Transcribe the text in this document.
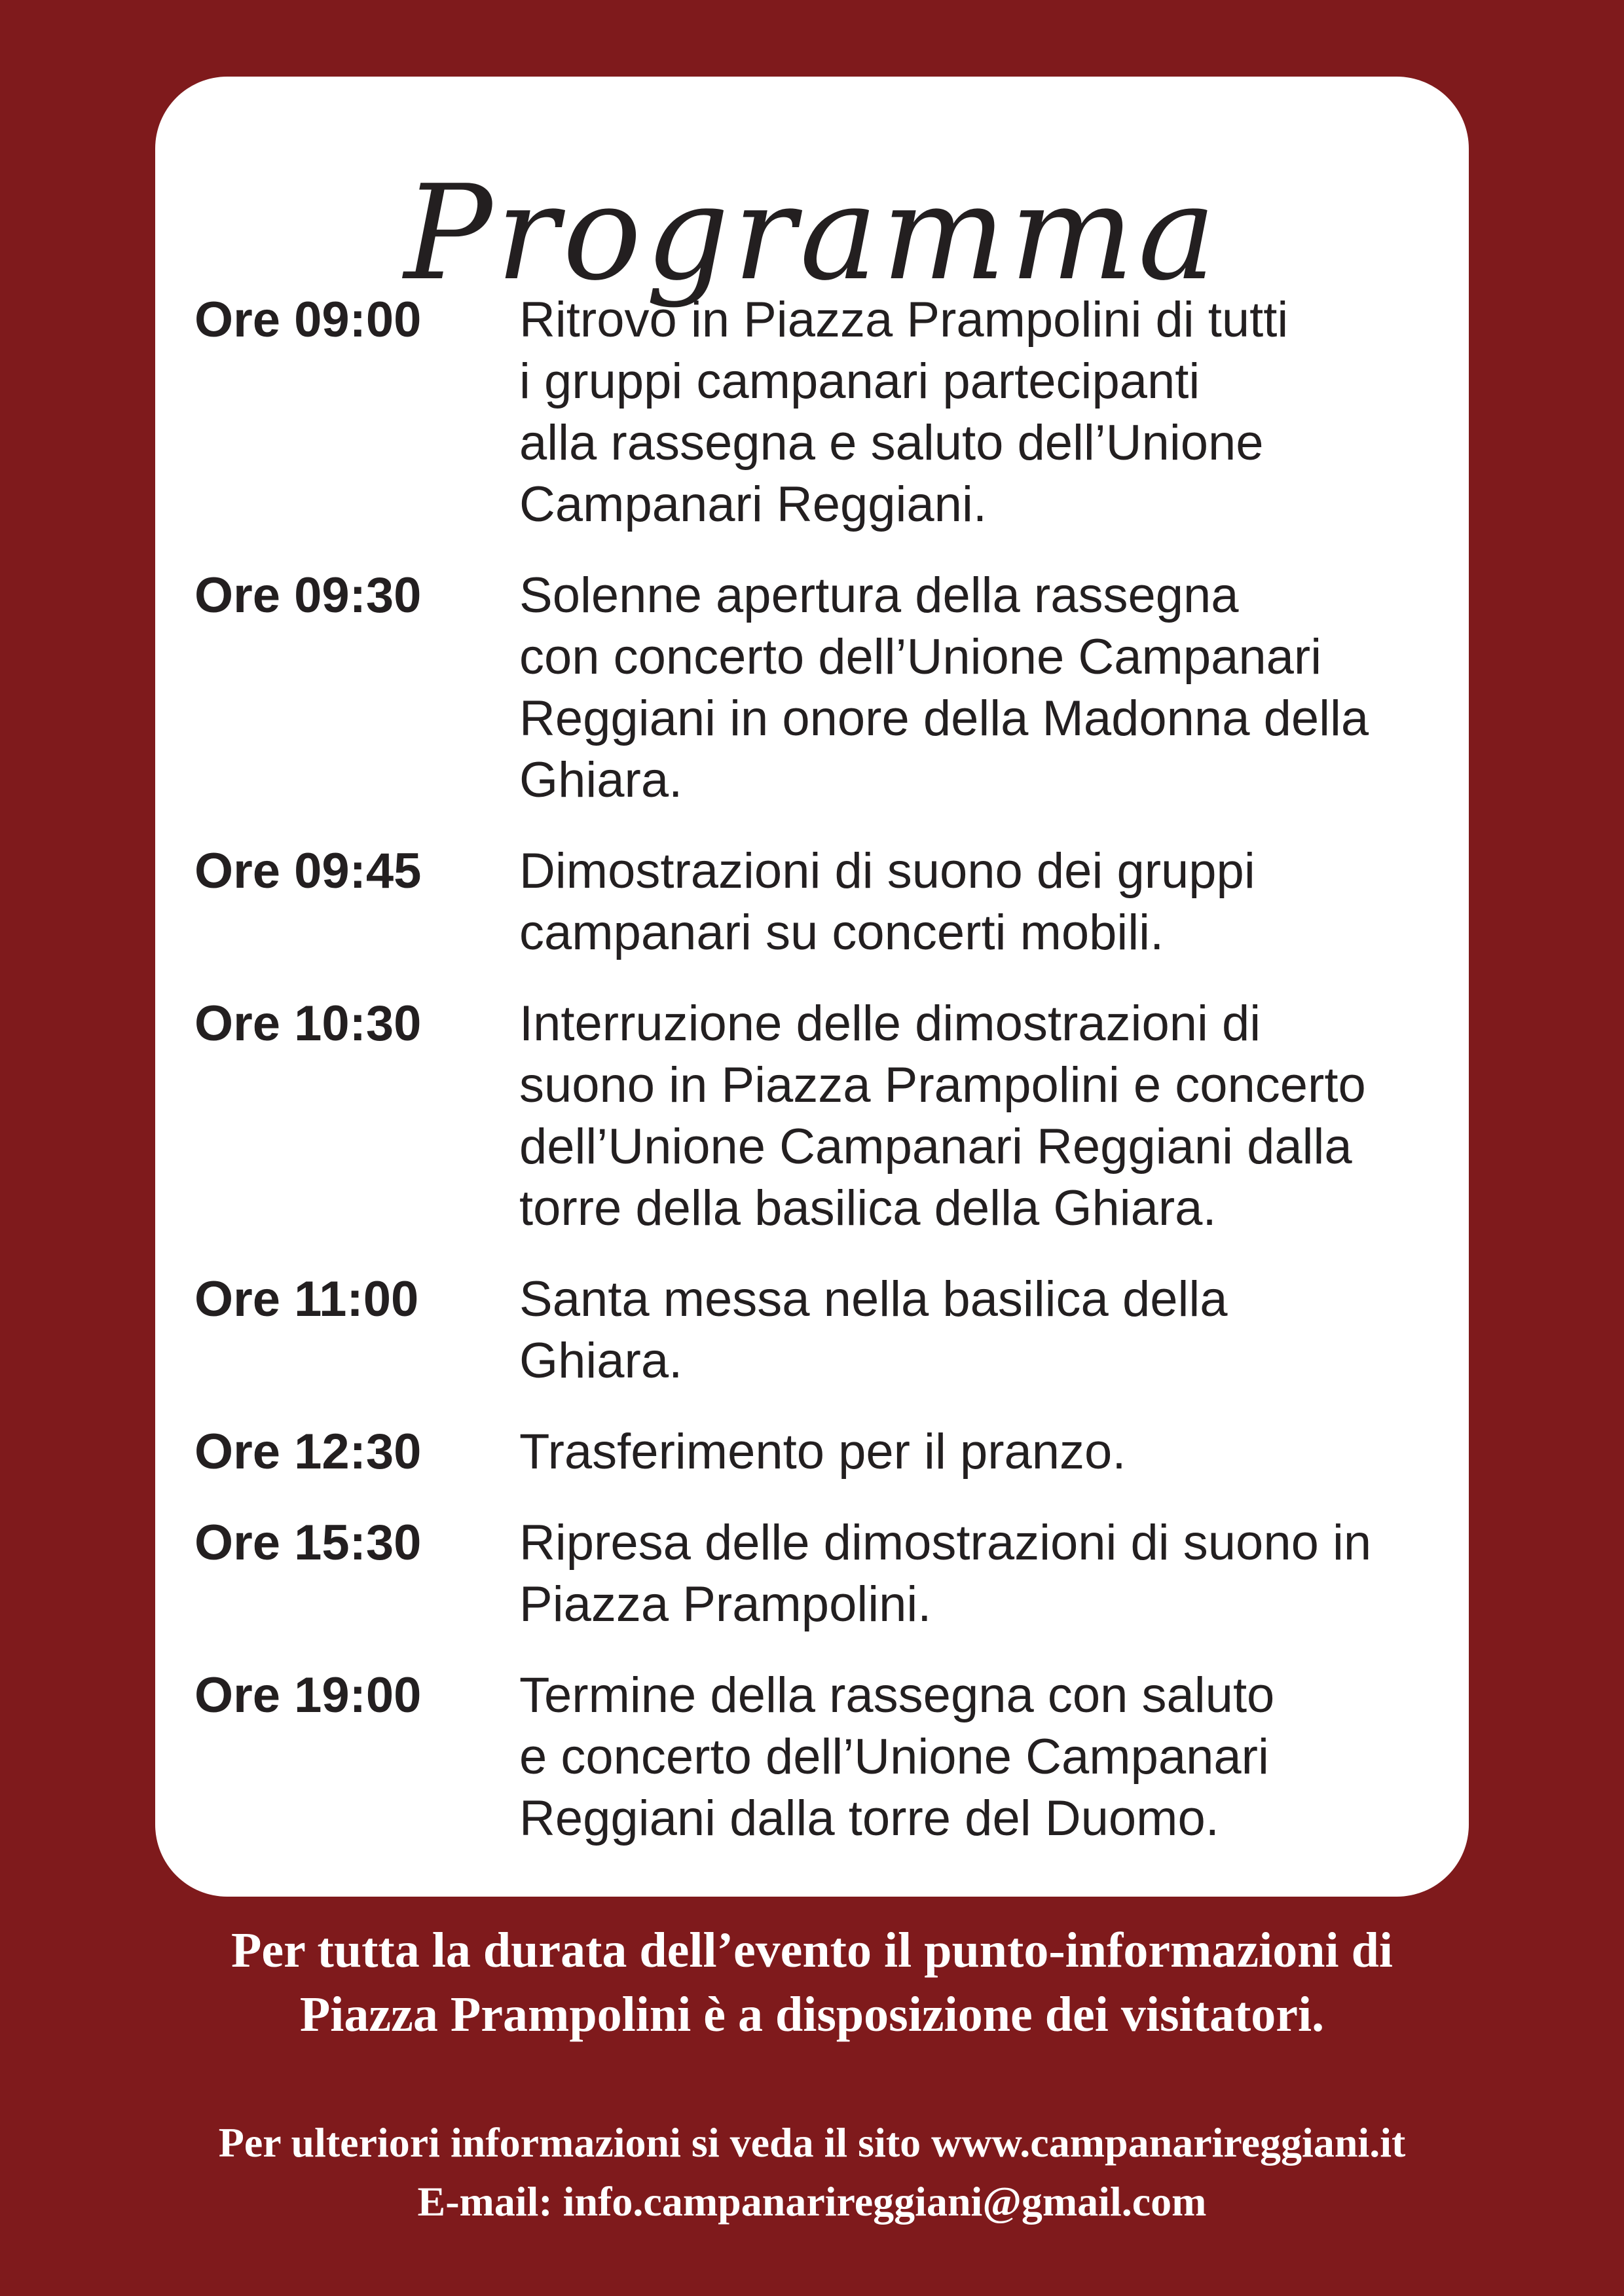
Programma
Ore 09:00	Ritrovo in Piazza Prampolini di tutti
i gruppi campanari partecipanti
alla rassegna e saluto dell’Unione
Campanari Reggiani.
Ore 09:30	Solenne apertura della rassegna
con concerto dell’Unione Campanari
Reggiani in onore della Madonna della
Ghiara.
Ore 09:45	Dimostrazioni di suono dei gruppi
campanari su concerti mobili.
Ore 10:30	Interruzione delle dimostrazioni di
suono in Piazza Prampolini e concerto
dell’Unione Campanari Reggiani dalla
torre della basilica della Ghiara.
Ore 11:00	Santa messa nella basilica della
Ghiara.
Ore 12:30	Trasferimento per il pranzo.
Ore 15:30	Ripresa delle dimostrazioni di suono in
Piazza Prampolini.
Ore 19:00	Termine della rassegna con saluto
e concerto dell’Unione Campanari
Reggiani dalla torre del Duomo.
Per tutta la durata dell’evento il punto-informazioni di
Piazza Prampolini è a disposizione dei visitatori.
Per ulteriori informazioni si veda il sito www.campanarireggiani.it
E-mail: info.campanarireggiani@gmail.com
